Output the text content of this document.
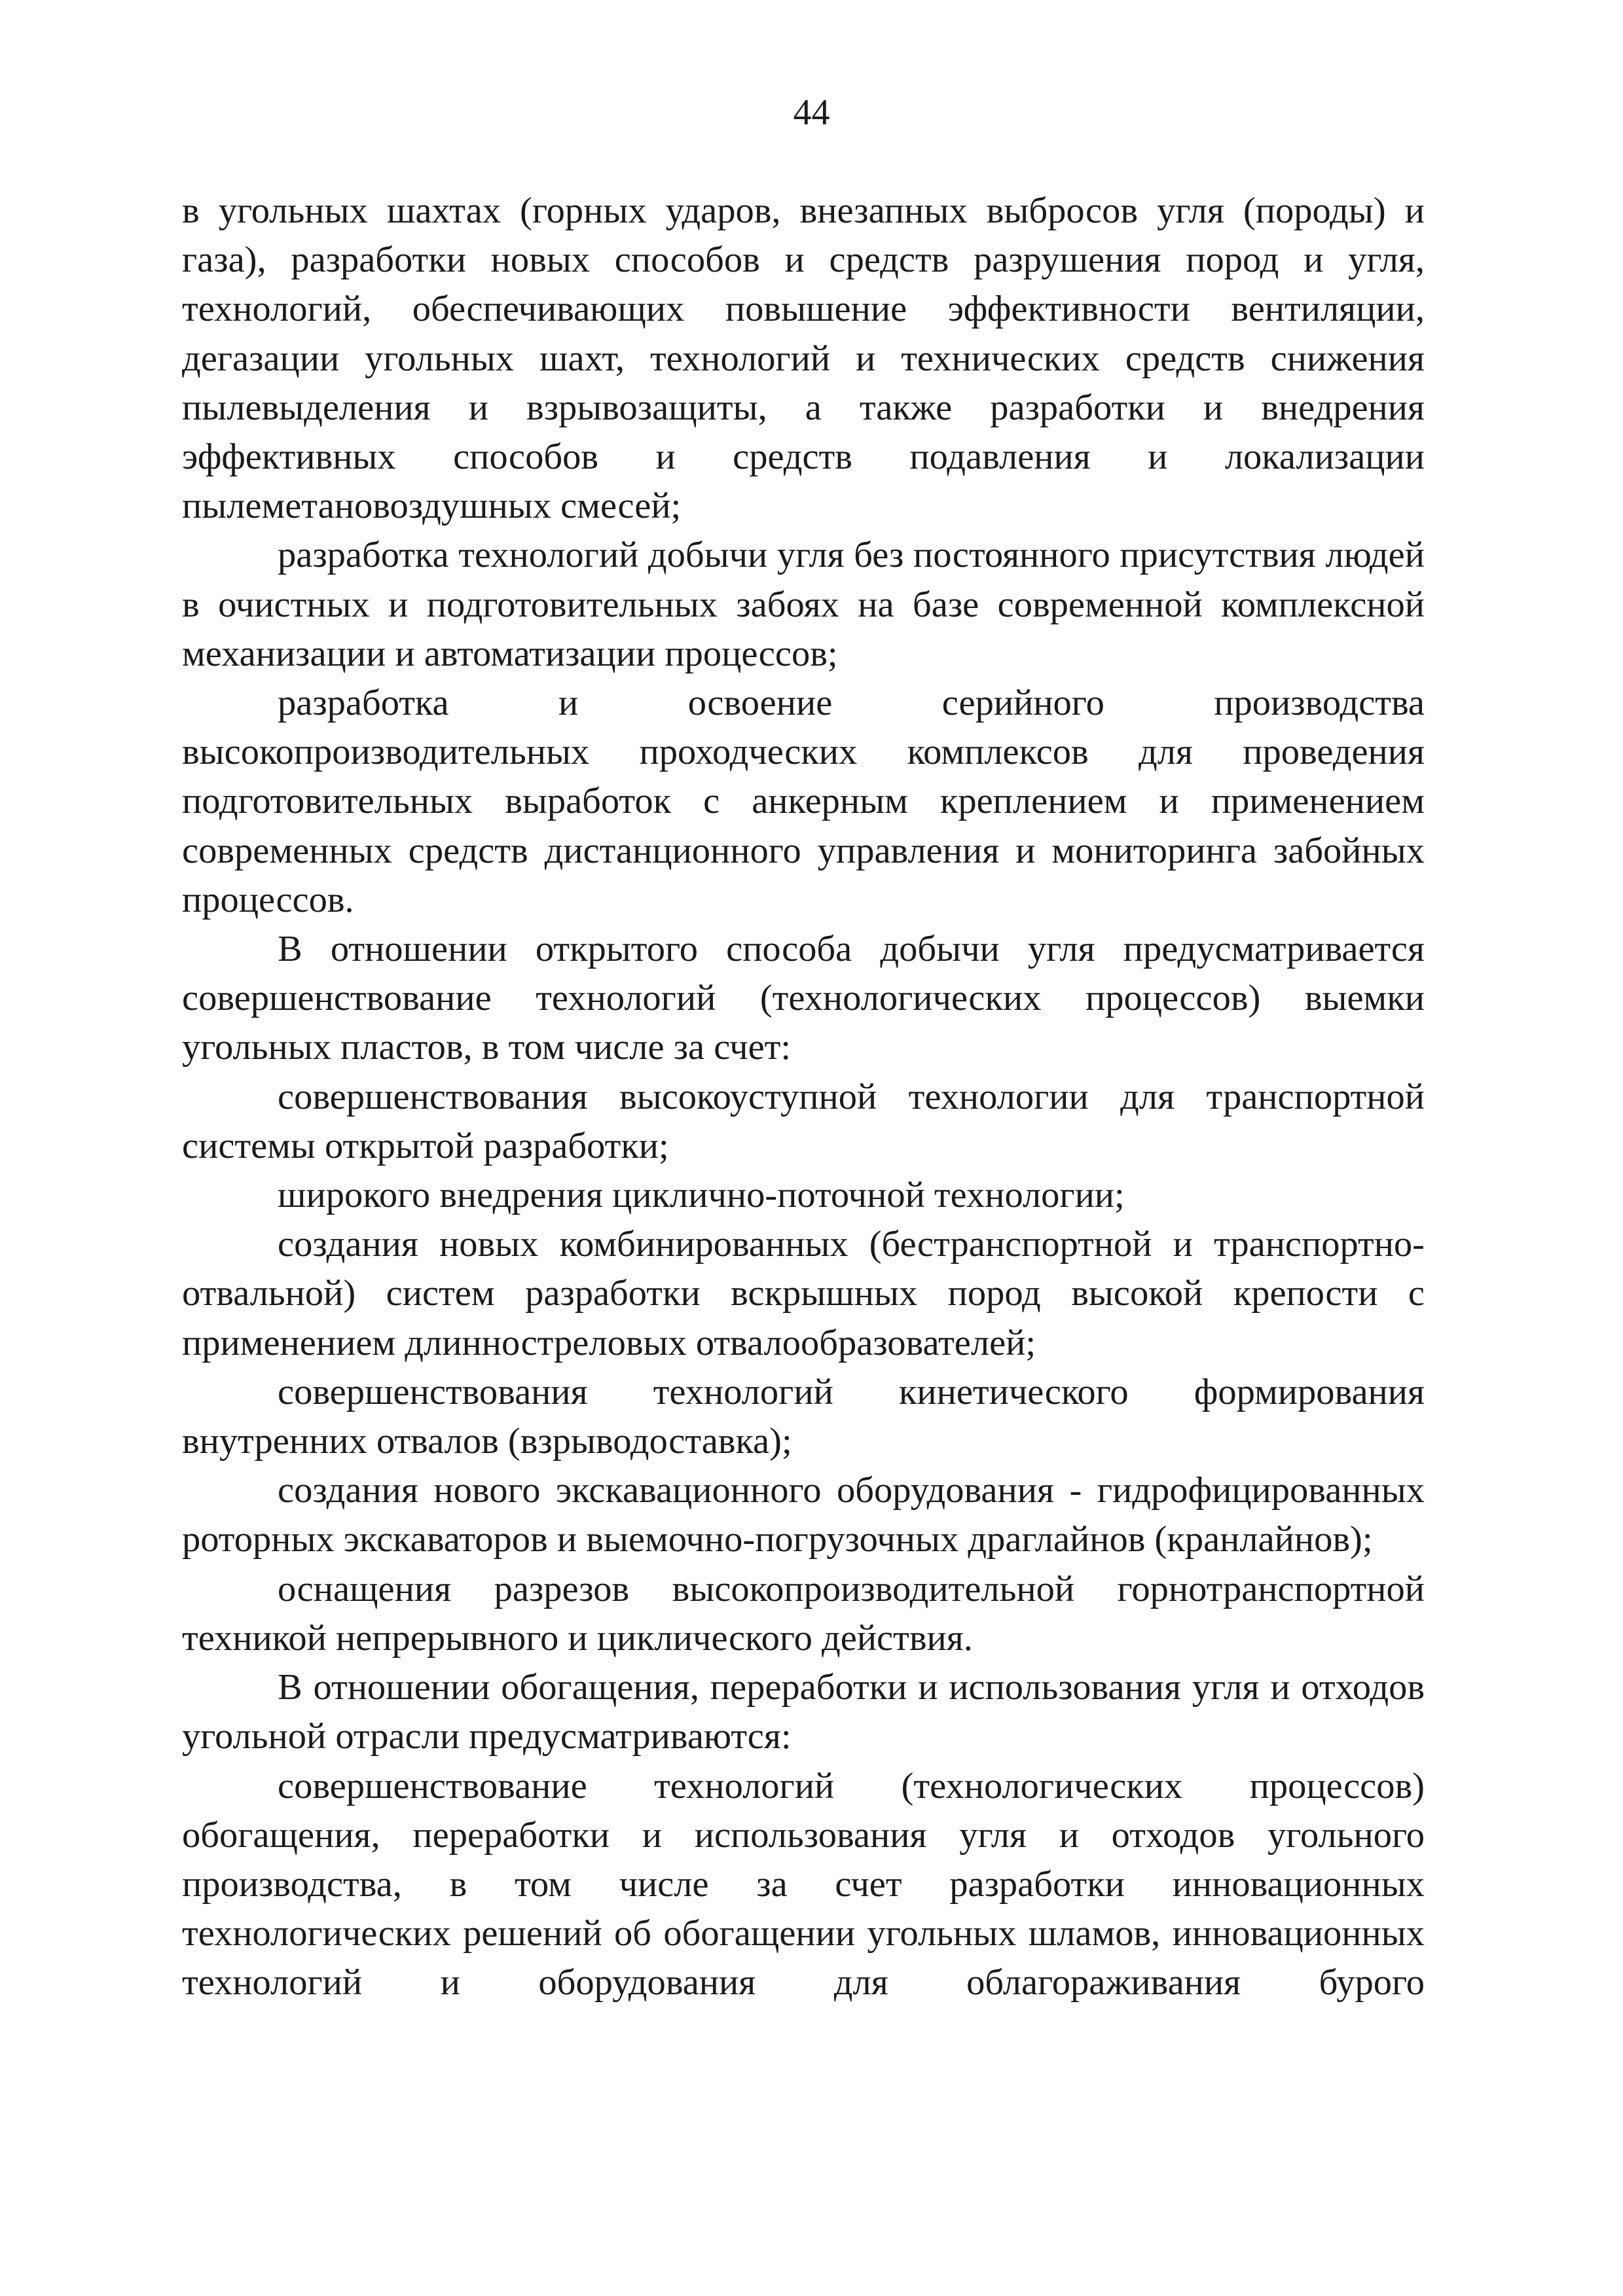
44

в угольных шахтах (горных ударов, внезапных выбросов угля (породы) и газа), разработки новых способов и средств разрушения пород и угля, технологий, обеспечивающих повышение эффективности вентиляции, дегазации угольных шахт, технологий и технических средств снижения пылевыделения и взрывозащиты, а также разработки и внедрения эффективных способов и средств подавления и локализации пылеметановоздушных смесей;

разработка технологий добычи угля без постоянного присутствия людей в очистных и подготовительных забоях на базе современной комплексной механизации и автоматизации процессов;

разработка и освоение серийного производства высокопроизводительных проходческих комплексов для проведения подготовительных выработок с анкерным креплением и применением современных средств дистанционного управления и мониторинга забойных процессов.

В отношении открытого способа добычи угля предусматривается совершенствование технологий (технологических процессов) выемки угольных пластов, в том числе за счет:

совершенствования высокоуступной технологии для транспортной системы открытой разработки;

широкого внедрения циклично-поточной технологии;

создания новых комбинированных (бестранспортной и транспортно-отвальной) систем разработки вскрышных пород высокой крепости с применением длинностреловых отвалообразователей;

совершенствования технологий кинетического формирования внутренних отвалов (взрыводоставка);

создания нового экскавационного оборудования - гидрофицированных роторных экскаваторов и выемочно-погрузочных драглайнов (кранлайнов);

оснащения разрезов высокопроизводительной горнотранспортной техникой непрерывного и циклического действия.

В отношении обогащения, переработки и использования угля и отходов угольной отрасли предусматриваются:

совершенствование технологий (технологических процессов) обогащения, переработки и использования угля и отходов угольного производства, в том числе за счет разработки инновационных технологических решений об обогащении угольных шламов, инновационных технологий и оборудования для облагораживания бурого
